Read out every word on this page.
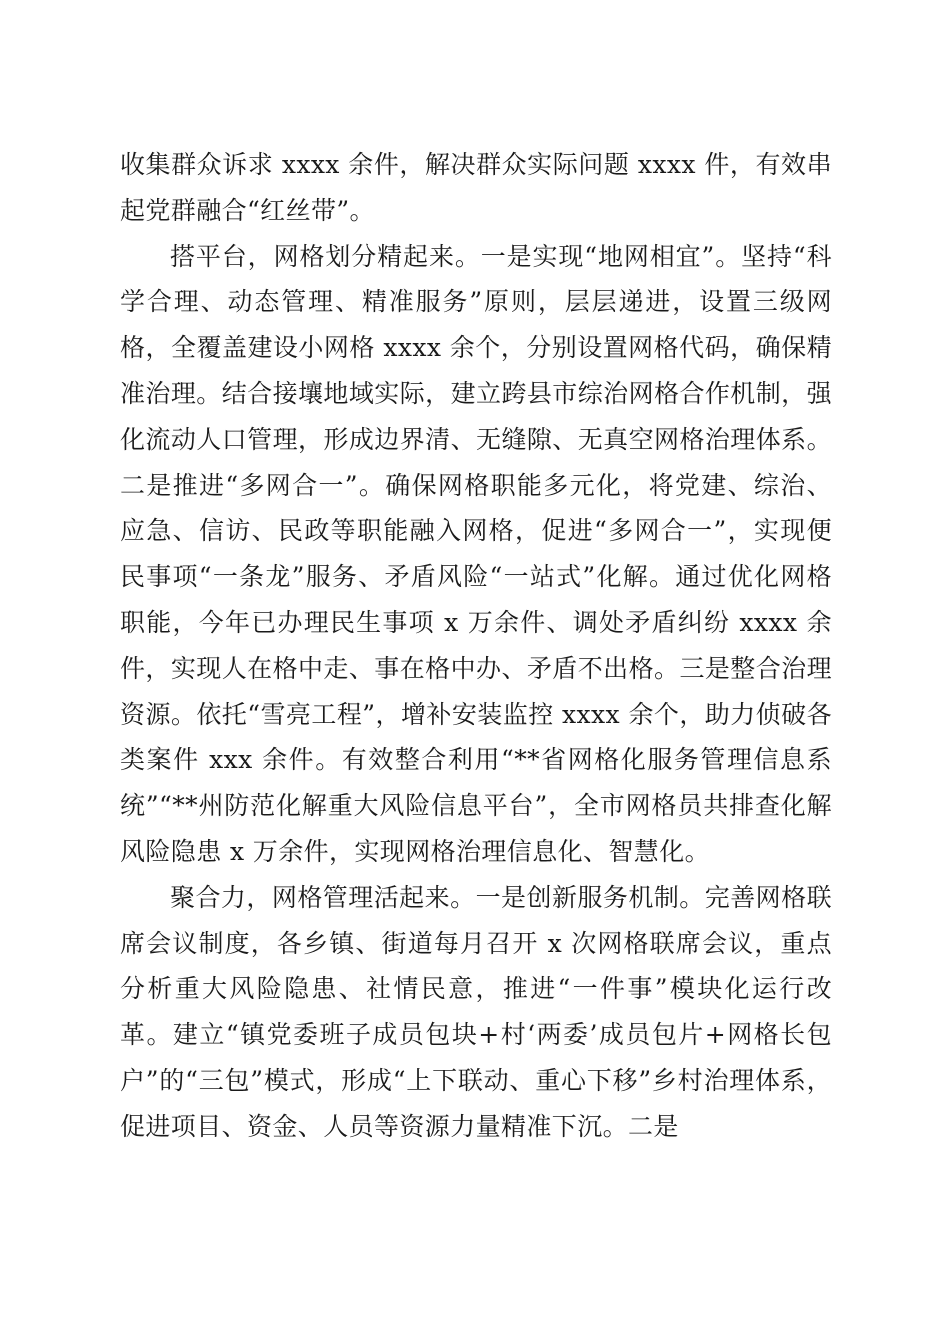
收集群众诉求 xxxx 余件，解决群众实际问题 xxxx 件，有效串起党群融合“红丝带”。

搭平台，网格划分精起来。一是实现“地网相宜”。坚持“科学合理、动态管理、精准服务”原则，层层递进，设置三级网格，全覆盖建设小网格 xxxx 余个，分别设置网格代码，确保精准治理。结合接壤地域实际，建立跨县市综治网格合作机制，强化流动人口管理，形成边界清、无缝隙、无真空网格治理体系。二是推进“多网合一”。确保网格职能多元化，将党建、综治、应急、信访、民政等职能融入网格，促进“多网合一”，实现便民事项“一条龙”服务、矛盾风险“一站式”化解。通过优化网格职能，今年已办理民生事项 x 万余件、调处矛盾纠纷 xxxx 余件，实现人在格中走、事在格中办、矛盾不出格。三是整合治理资源。依托“雪亮工程”，增补安装监控 xxxx 余个，助力侦破各类案件 xxx 余件。有效整合利用“**省网格化服务管理信息系统”“**州防范化解重大风险信息平台”，全市网格员共排查化解风险隐患 x 万余件，实现网格治理信息化、智慧化。

聚合力，网格管理活起来。一是创新服务机制。完善网格联席会议制度，各乡镇、街道每月召开 x 次网格联席会议，重点分析重大风险隐患、社情民意，推进“一件事”模块化运行改革。建立“镇党委班子成员包块+村‘两委’成员包片+网格长包户”的“三包”模式，形成“上下联动、重心下移”乡村治理体系，促进项目、资金、人员等资源力量精准下沉。二是
